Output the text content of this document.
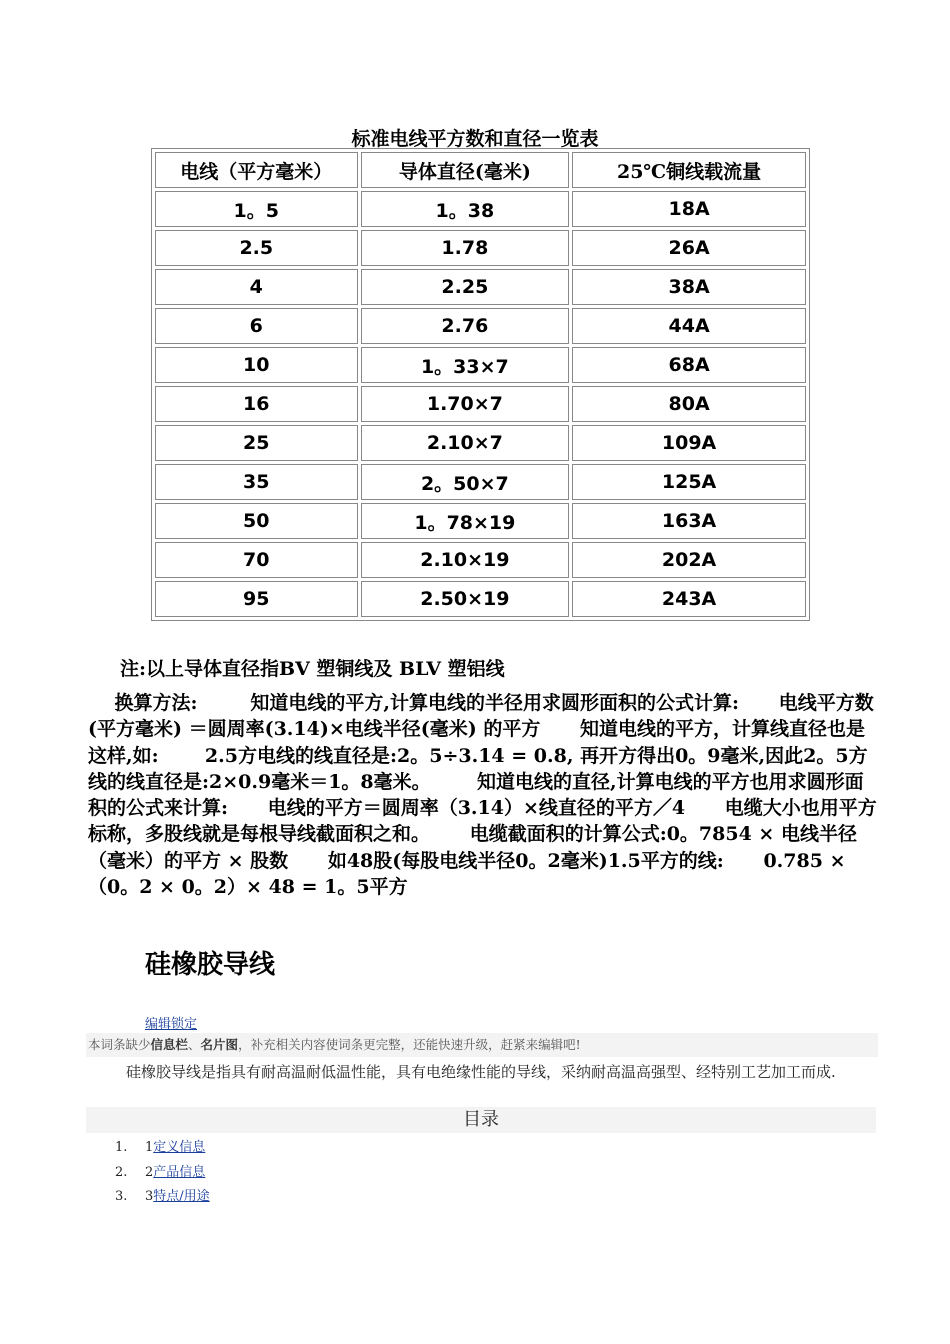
标准电线平方数和直径一览表
电线（平方毫米）	导体直径(毫米)	25℃铜线载流量
1。5	1。38	18A
2.5	1.78	26A
4	2.25	38A
6	2.76	44A
10	1。33×7	68A
16	1.70×7	80A
25	2.10×7	109A
35	2。50×7	125A
50	1。78×19	163A
70	2.10×19	202A
95	2.50×19	243A
注:以上导体直径指BV 塑铜线及 BLV 塑铝线
换算方法:        知道电线的平方,计算电线的半径用求圆形面积的公式计算:      电线平方数(平方毫米) ＝圆周率(3.14)×电线半径(毫米) 的平方      知道电线的平方，计算线直径也是这样,如:       2.5方电线的线直径是:2。5÷3.14 = 0.8, 再开方得出0。9毫米,因此2。5方线的线直径是:2×0.9毫米＝1。8毫米。       知道电线的直径,计算电线的平方也用求圆形面积的公式来计算:      电线的平方＝圆周率（3.14）×线直径的平方／4      电缆大小也用平方标称，多股线就是每根导线截面积之和。      电缆截面积的计算公式:0。7854 × 电线半径（毫米）的平方 × 股数      如48股(每股电线半径0。2毫米)1.5平方的线:      0.785 ×（0。2 × 0。2）× 48 = 1。5平方
硅橡胶导线
编辑锁定
本词条缺少信息栏、名片图，补充相关内容使词条更完整，还能快速升级，赶紧来编辑吧!
硅橡胶导线是指具有耐高温耐低温性能，具有电绝缘性能的导线，采纳耐高温高强型、经特别工艺加工而成.
目录
1. 1定义信息
2. 2产品信息
3. 3特点/用途
